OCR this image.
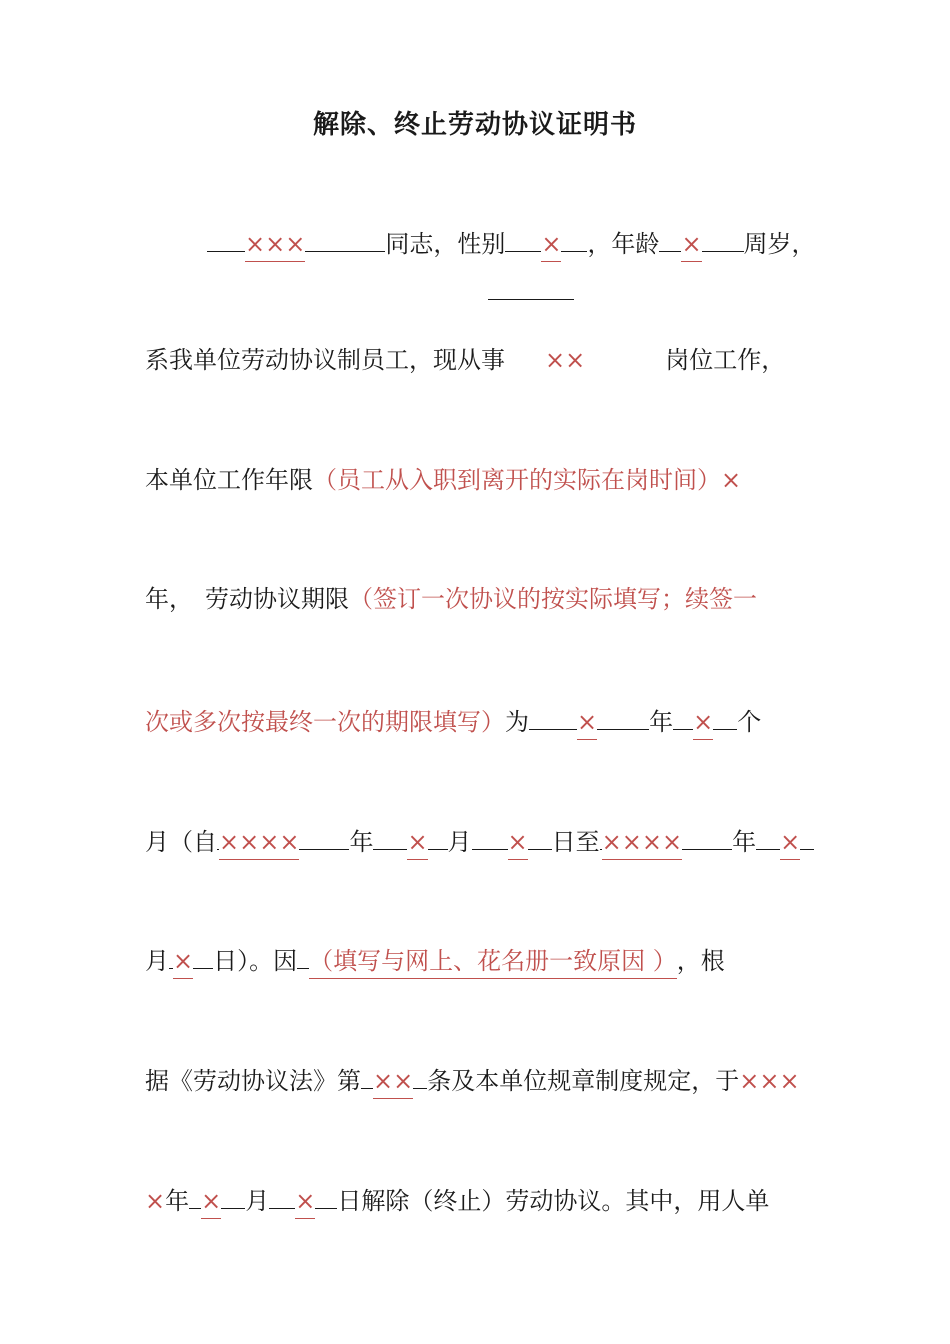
解除、终止劳动协议证明书
×××	同志，性别 × ，年龄 × 周岁，
系我单位劳动协议制员工，现从事 ××	岗位工作，
本单位工作年限（员工从入职到离开的实际在岗时间）×
年，　劳动协议期限（签订一次协议的按实际填写；续签一
次或多次按最终一次的期限填写）为 × 年 × 个
月（自×××× 年 × 月 × 日至×××× 年 ×
月 × 日）。因 （填写与网上、花名册一致原因 ），根
据《劳动协议法》第 ×× 条及本单位规章制度规定，于×××
×年 × 月 × 日解除（终止）劳动协议。其中，用人单
